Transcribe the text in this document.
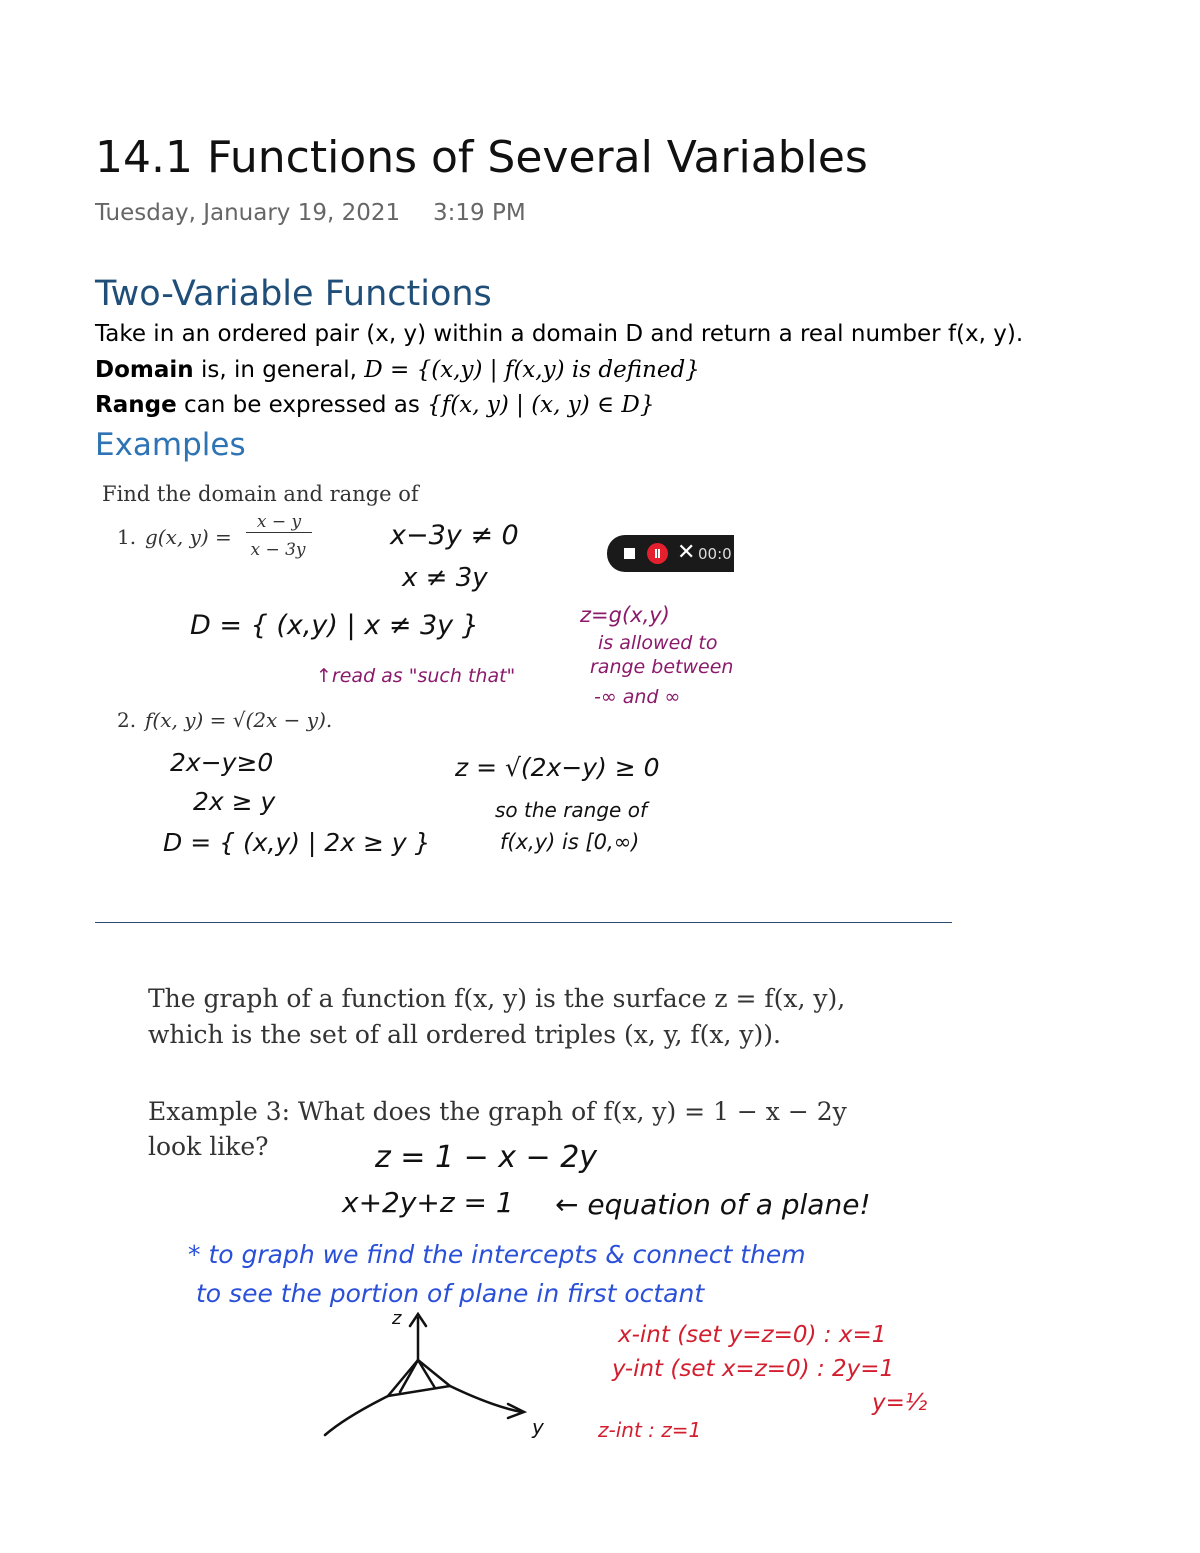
14.1 Functions of Several Variables
Tuesday, January 19, 2021 3:19 PM
Two-Variable Functions
Take in an ordered pair (x, y) within a domain D and return a real number f(x, y).
Domain is, in general, D = {(x,y) | f(x,y) is defined}
Range can be expressed as {f(x, y) | (x, y) ∈ D}
Examples
Find the domain and range of
1. g(x, y) =
x − y
x − 3y	x−3y ≠ 0
x ≠ 3y
D = { (x,y) | x ≠ 3y }
↑read as "such that"
z=g(x,y)
is allowed to
range between
-∞ and ∞
✕ 00:0
2. f(x, y) = √(2x − y).
2x−y≥0
2x ≥ y
D = { (x,y) | 2x ≥ y }
z = √(2x−y) ≥ 0
so the range of
f(x,y) is [0,∞)
The graph of a function f(x, y) is the surface z = f(x, y),
which is the set of all ordered triples (x, y, f(x, y)).
Example 3: What does the graph of f(x, y) = 1 − x − 2y
look like?	z = 1 − x − 2y
x+2y+z = 1 ← equation of a plane!
* to graph we find the intercepts & connect them
to see the portion of plane in first octant
x-int (set y=z=0) : x=1
y-int (set x=z=0) : 2y=1
y=½
z-int : z=1
z
y
